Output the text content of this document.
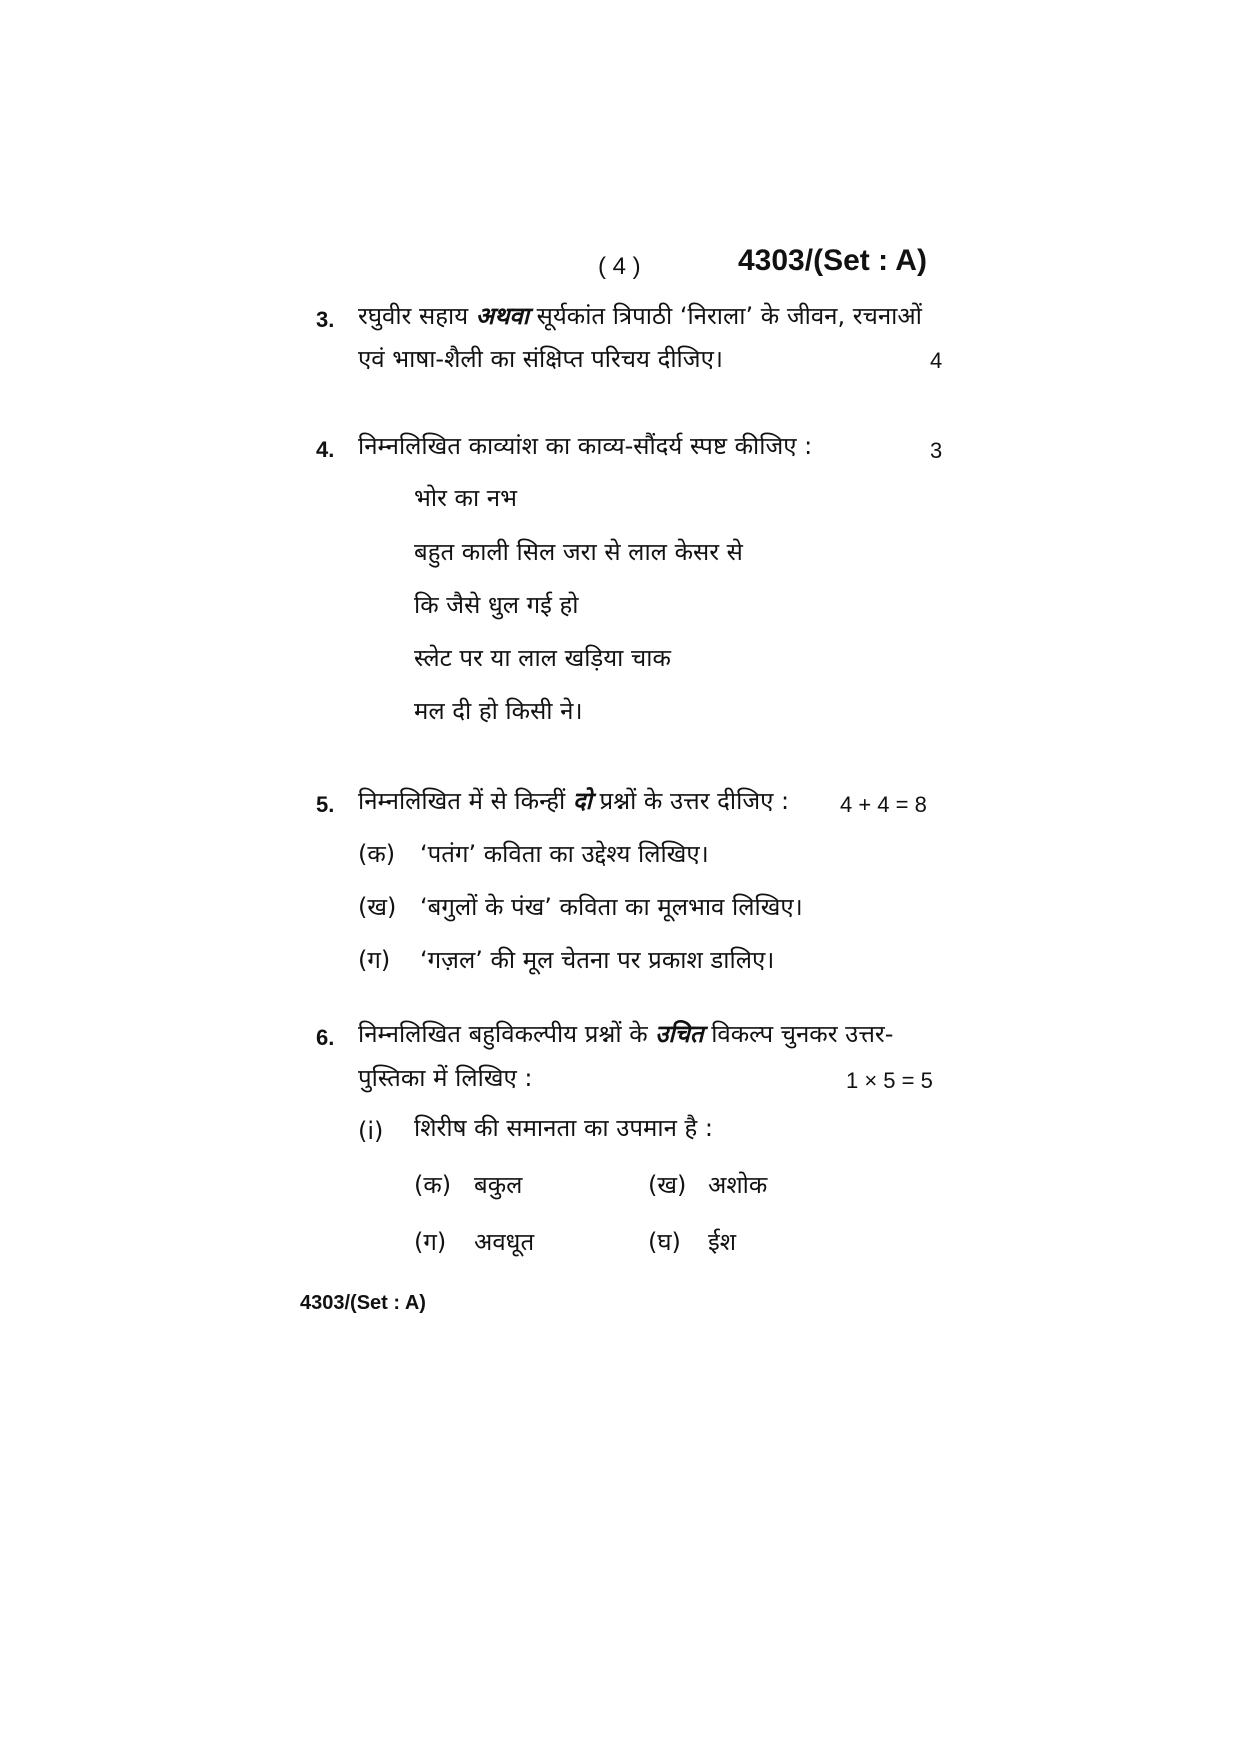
( 4 )	4303/(Set : A)
3. रघुवीर सहाय अथवा सूर्यकांत त्रिपाठी ‘निराला’ के जीवन, रचनाओं
एवं भाषा-शैली का संक्षिप्त परिचय दीजिए।	4
4. निम्नलिखित काव्यांश का काव्य-सौंदर्य स्पष्ट कीजिए :	3
भोर का नभ
बहुत काली सिल जरा से लाल केसर से
कि जैसे धुल गई हो
स्लेट पर या लाल खड़िया चाक
मल दी हो किसी ने।
5. निम्नलिखित में से किन्हीं दो प्रश्नों के उत्तर दीजिए : 4 + 4 = 8
(क) ‘पतंग’ कविता का उद्देश्य लिखिए।
(ख) ‘बगुलों के पंख’ कविता का मूलभाव लिखिए।
(ग) ‘गज़ल’ की मूल चेतना पर प्रकाश डालिए।
6. निम्नलिखित बहुविकल्पीय प्रश्नों के उचित विकल्प चुनकर उत्तर-
पुस्तिका में लिखिए :	1 × 5 = 5
(i) शिरीष की समानता का उपमान है :
(क) बकुल	(ख) अशोक
(ग) अवधूत	(घ) ईश
4303/(Set : A)
